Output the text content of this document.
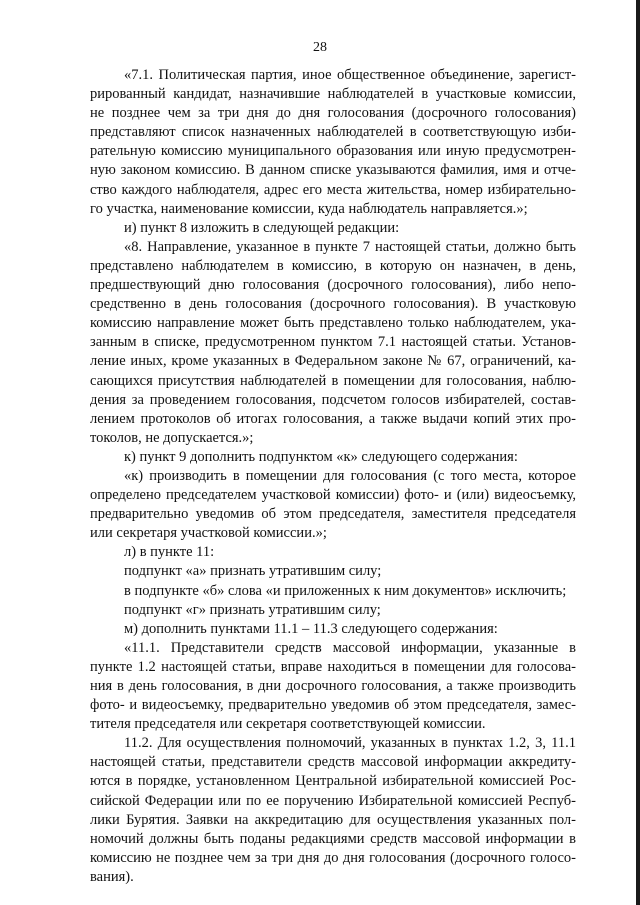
28
«7.1. Политическая партия, иное общественное объединение, зарегист-
рированный кандидат, назначившие наблюдателей в участковые комиссии,
не позднее чем за три дня до дня голосования (досрочного голосования)
представляют список назначенных наблюдателей в соответствующую изби-
рательную комиссию муниципального образования или иную предусмотрен-
ную законом комиссию. В данном списке указываются фамилия, имя и отче-
ство каждого наблюдателя, адрес его места жительства, номер избирательно-
го участка, наименование комиссии, куда наблюдатель направляется.»;
и) пункт 8 изложить в следующей редакции:
«8. Направление, указанное в пункте 7 настоящей статьи, должно быть
представлено наблюдателем в комиссию, в которую он назначен, в день,
предшествующий дню голосования (досрочного голосования), либо непо-
средственно в день голосования (досрочного голосования). В участковую
комиссию направление может быть представлено только наблюдателем, ука-
занным в списке, предусмотренном пунктом 7.1 настоящей статьи. Установ-
ление иных, кроме указанных в Федеральном законе № 67, ограничений, ка-
сающихся присутствия наблюдателей в помещении для голосования, наблю-
дения за проведением голосования, подсчетом голосов избирателей, состав-
лением протоколов об итогах голосования, а также выдачи копий этих про-
токолов, не допускается.»;
к) пункт 9 дополнить подпунктом «к» следующего содержания:
«к) производить в помещении для голосования (с того места, которое
определено председателем участковой комиссии) фото- и (или) видеосъемку,
предварительно уведомив об этом председателя, заместителя председателя
или секретаря участковой комиссии.»;
л) в пункте 11:
подпункт «а» признать утратившим силу;
в подпункте «б» слова «и приложенных к ним документов» исключить;
подпункт «г» признать утратившим силу;
м) дополнить пунктами 11.1 – 11.3 следующего содержания:
«11.1. Представители средств массовой информации, указанные в
пункте 1.2 настоящей статьи, вправе находиться в помещении для голосова-
ния в день голосования, в дни досрочного голосования, а также производить
фото- и видеосъемку, предварительно уведомив об этом председателя, замес-
тителя председателя или секретаря соответствующей комиссии.
11.2. Для осуществления полномочий, указанных в пунктах 1.2, 3, 11.1
настоящей статьи, представители средств массовой информации аккредиту-
ются в порядке, установленном Центральной избирательной комиссией Рос-
сийской Федерации или по ее поручению Избирательной комиссией Респуб-
лики Бурятия. Заявки на аккредитацию для осуществления указанных пол-
номочий должны быть поданы редакциями средств массовой информации в
комиссию не позднее чем за три дня до дня голосования (досрочного голосо-
вания).
